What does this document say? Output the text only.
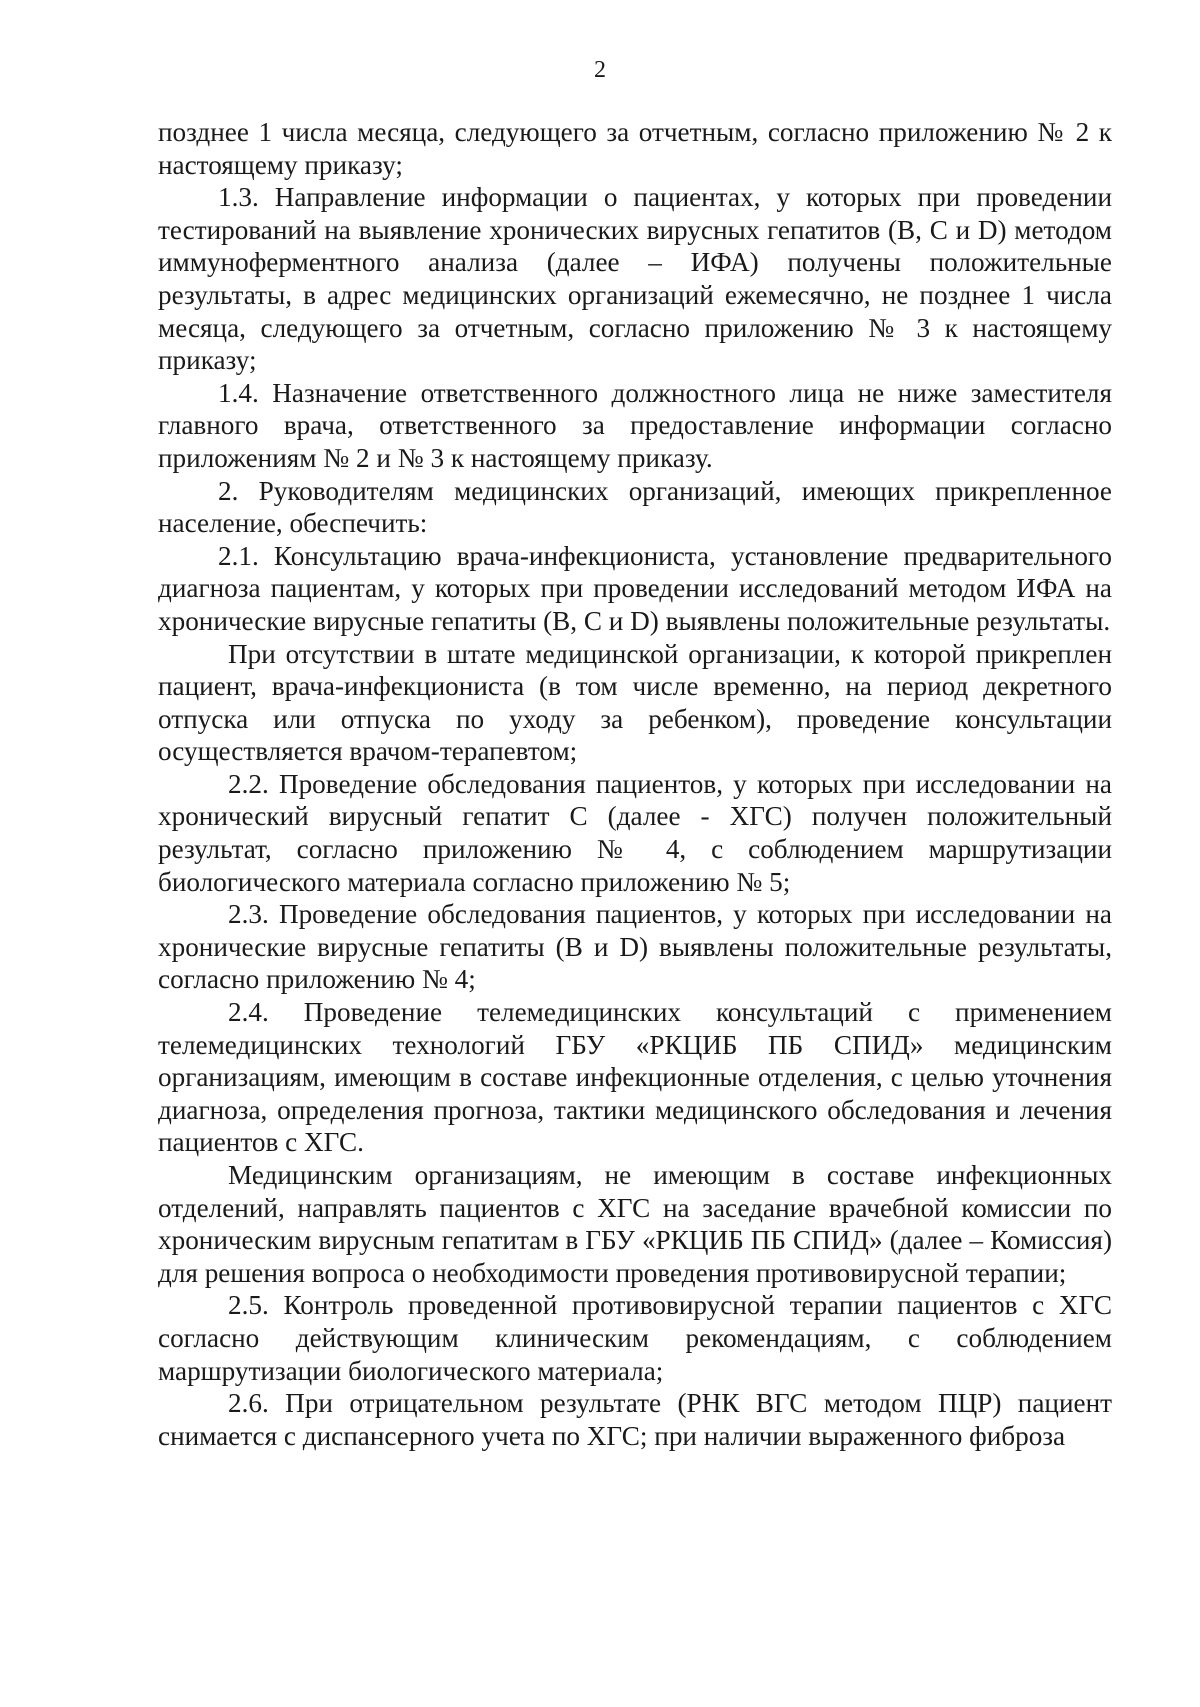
2

позднее 1 числа месяца, следующего за отчетным, согласно приложению № 2 к настоящему приказу;

1.3. Направление информации о пациентах, у которых при проведении тестирований на выявление хронических вирусных гепатитов (В, С и D) методом иммуноферментного анализа (далее – ИФА) получены положительные результаты, в адрес медицинских организаций ежемесячно, не позднее 1 числа месяца, следующего за отчетным, согласно приложению № 3 к настоящему приказу;

1.4. Назначение ответственного должностного лица не ниже заместителя главного врача, ответственного за предоставление информации согласно приложениям № 2 и № 3 к настоящему приказу.

2. Руководителям медицинских организаций, имеющих прикрепленное население, обеспечить:

2.1. Консультацию врача-инфекциониста, установление предварительного диагноза пациентам, у которых при проведении исследований методом ИФА на хронические вирусные гепатиты (В, С и D) выявлены положительные результаты.

При отсутствии в штате медицинской организации, к которой прикреплен пациент, врача-инфекциониста (в том числе временно, на период декретного отпуска или отпуска по уходу за ребенком), проведение консультации осуществляется врачом-терапевтом;

2.2. Проведение обследования пациентов, у которых при исследовании на хронический вирусный гепатит С (далее - ХГС) получен положительный результат, согласно приложению № 4, с соблюдением маршрутизации биологического материала согласно приложению № 5;

2.3. Проведение обследования пациентов, у которых при исследовании на хронические вирусные гепатиты (В и D) выявлены положительные результаты, согласно приложению № 4;

2.4. Проведение телемедицинских консультаций с применением телемедицинских технологий ГБУ «РКЦИБ ПБ СПИД» медицинским организациям, имеющим в составе инфекционные отделения, с целью уточнения диагноза, определения прогноза, тактики медицинского обследования и лечения пациентов с ХГС.

Медицинским организациям, не имеющим в составе инфекционных отделений, направлять пациентов с ХГС на заседание врачебной комиссии по хроническим вирусным гепатитам в ГБУ «РКЦИБ ПБ СПИД» (далее – Комиссия) для решения вопроса о необходимости проведения противовирусной терапии;

2.5. Контроль проведенной противовирусной терапии пациентов с ХГС согласно действующим клиническим рекомендациям, с соблюдением маршрутизации биологического материала;

2.6. При отрицательном результате (РНК ВГС методом ПЦР) пациент снимается с диспансерного учета по ХГС; при наличии выраженного фиброза
